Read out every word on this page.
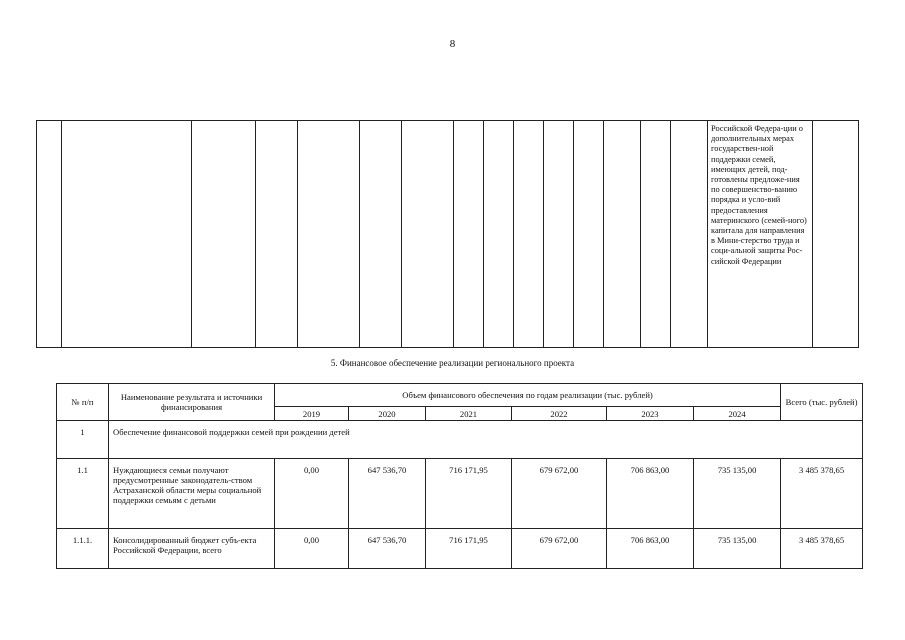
8
															Российской Федера-ции о дополнительных мерах государствен-ной поддержки семей, имеющих детей, под-готовлены предложе-ния по совершенство-ванию порядка и усло-вий предоставления материнского (семей-ного) капитала для направления в Мини-стерство труда и соци-альной защиты Рос-сийской Федерации	
5. Финансовое обеспечение реализации регионального проекта
№ п/п	Наименование результата и источники финансирования	Объем финансового обеспечения по годам реализации (тыс. рублей)						Всего (тыс. рублей)
		2019	2020	2021	2022	2023	2024	
1	Обеспечение финансовой поддержки семей при рождении детей							
1.1	Нуждающиеся семьи получают предусмотренные законодатель-ством Астраханской области меры социальной поддержки семьям с детьми	0,00	647 536,70	716 171,95	679 672,00	706 863,00	735 135,00	3 485 378,65
1.1.1.	Консолидированный бюджет субъ-екта Российской Федерации, всего	0,00	647 536,70	716 171,95	679 672,00	706 863,00	735 135,00	3 485 378,65
